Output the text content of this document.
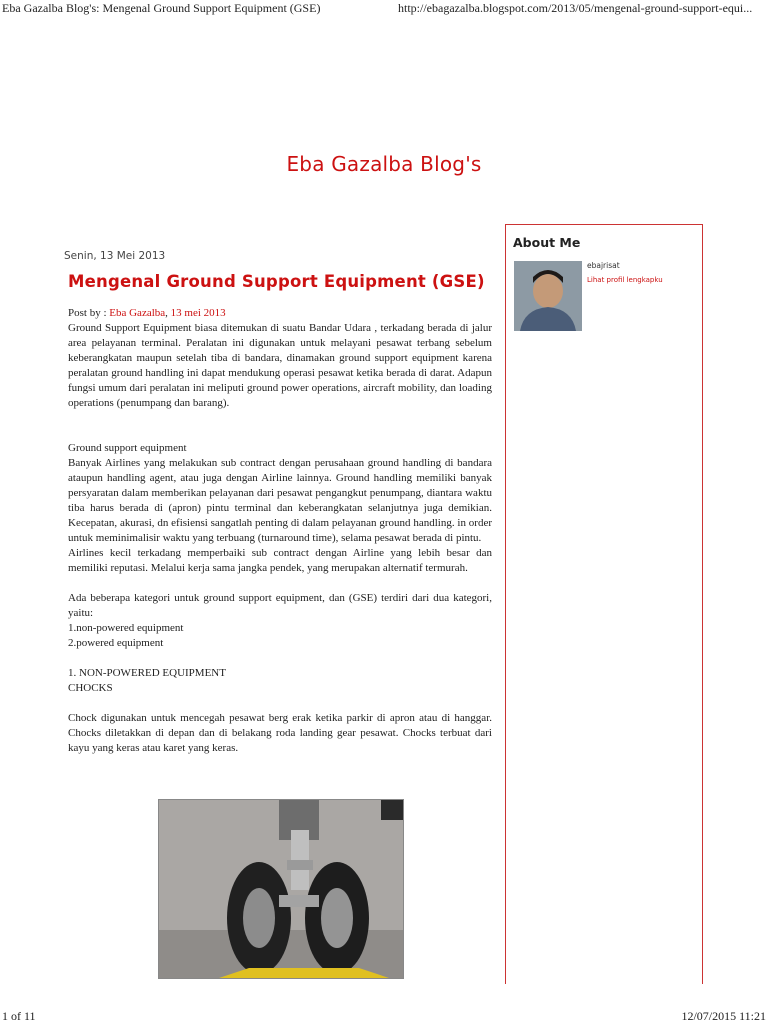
Eba Gazalba Blog's: Mengenal Ground Support Equipment (GSE)	http://ebagazalba.blogspot.com/2013/05/mengenal-ground-support-equi...
Eba Gazalba Blog's
Senin, 13 Mei 2013
Mengenal Ground Support Equipment (GSE)

Post by : Eba Gazalba, 13 mei 2013

Ground Support Equipment biasa ditemukan di suatu Bandar Udara , terkadang berada di jalur area pelayanan terminal. Peralatan ini digunakan untuk melayani pesawat terbang sebelum keberangkatan maupun setelah tiba di bandara, dinamakan ground support equipment karena peralatan ground handling ini dapat mendukung operasi pesawat ketika berada di darat. Adapun fungsi umum dari peralatan ini meliputi ground power operations, aircraft mobility, dan loading operations (penumpang dan barang).

Ground support equipment

Banyak Airlines yang melakukan sub contract dengan perusahaan ground handling di bandara ataupun handling agent, atau juga dengan Airline lainnya. Ground handling memiliki banyak persyaratan dalam memberikan pelayanan dari pesawat pengangkut penumpang, diantara waktu tiba harus berada di (apron) pintu terminal dan keberangkatan selanjutnya juga demikian. Kecepatan, akurasi, dn efisiensi sangatlah penting di dalam pelayanan ground handling. in order untuk meminimalisir waktu yang terbuang (turnaround time), selama pesawat berada di pintu.

Airlines kecil terkadang memperbaiki sub contract dengan Airline yang lebih besar dan memiliki reputasi. Melalui kerja sama jangka pendek, yang merupakan alternatif termurah.

Ada beberapa kategori untuk ground support equipment, dan (GSE) terdiri dari dua kategori, yaitu:

1.non-powered equipment

2.powered equipment

1. NON-POWERED EQUIPMENT

CHOCKS

Chock digunakan untuk mencegah pesawat berg erak ketika parkir di apron atau di hanggar. Chocks diletakkan di depan dan di belakang roda landing gear pesawat. Chocks terbuat dari kayu yang keras atau karet yang keras.

About Me
ebajrisat
Lihat profil lengkapku
1 of 11	12/07/2015 11:21
